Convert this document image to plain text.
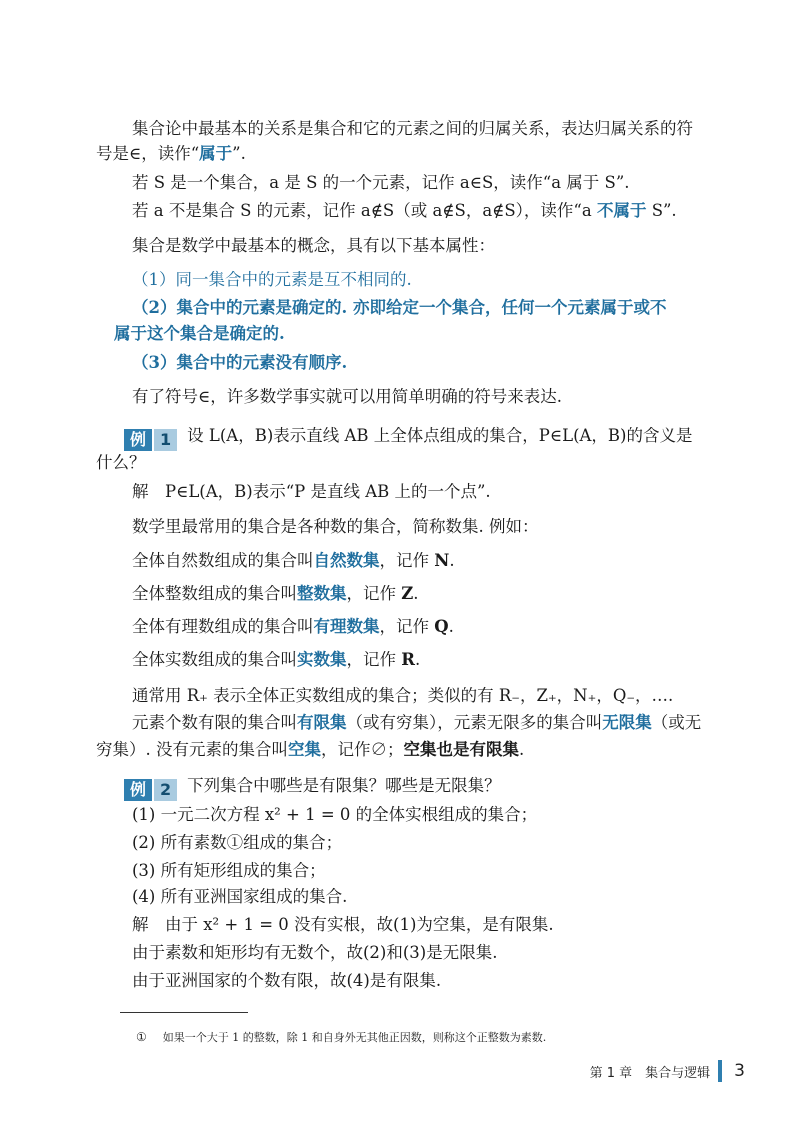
集合论中最基本的关系是集合和它的元素之间的归属关系，表达归属关系的符
号是∈，读作“属于”.
若 S 是一个集合，a 是 S 的一个元素，记作 a∈S，读作“a 属于 S”.
若 a 不是集合 S 的元素，记作 a∉S（或 a∉S，a∉S），读作“a 不属于 S”.
集合是数学中最基本的概念，具有以下基本属性：
（1）同一集合中的元素是互不相同的.
（2）集合中的元素是确定的. 亦即给定一个集合，任何一个元素属于或不
属于这个集合是确定的.
（3）集合中的元素没有顺序.
有了符号∈，许多数学事实就可以用简单明确的符号来表达.
例 1 设 L(A，B)表示直线 AB 上全体点组成的集合，P∈L(A，B)的含义是
什么？
解　P∈L(A，B)表示“P 是直线 AB 上的一个点”.
数学里最常用的集合是各种数的集合，简称数集. 例如：
全体自然数组成的集合叫自然数集，记作 N.
全体整数组成的集合叫整数集，记作 Z.
全体有理数组成的集合叫有理数集，记作 Q.
全体实数组成的集合叫实数集，记作 R.
通常用 R₊ 表示全体正实数组成的集合；类似的有 R₋，Z₊，N₊，Q₋，….
元素个数有限的集合叫有限集（或有穷集），元素无限多的集合叫无限集（或无
穷集）. 没有元素的集合叫空集，记作∅；空集也是有限集.
例 2 下列集合中哪些是有限集？哪些是无限集？
(1) 一元二次方程 x² + 1 = 0 的全体实根组成的集合；
(2) 所有素数①组成的集合；
(3) 所有矩形组成的集合；
(4) 所有亚洲国家组成的集合.
解　由于 x² + 1 = 0 没有实根，故(1)为空集，是有限集.
由于素数和矩形均有无数个，故(2)和(3)是无限集.
由于亚洲国家的个数有限，故(4)是有限集.
① 如果一个大于 1 的整数，除 1 和自身外无其他正因数，则称这个正整数为素数.
第 1 章　集合与逻辑 3
